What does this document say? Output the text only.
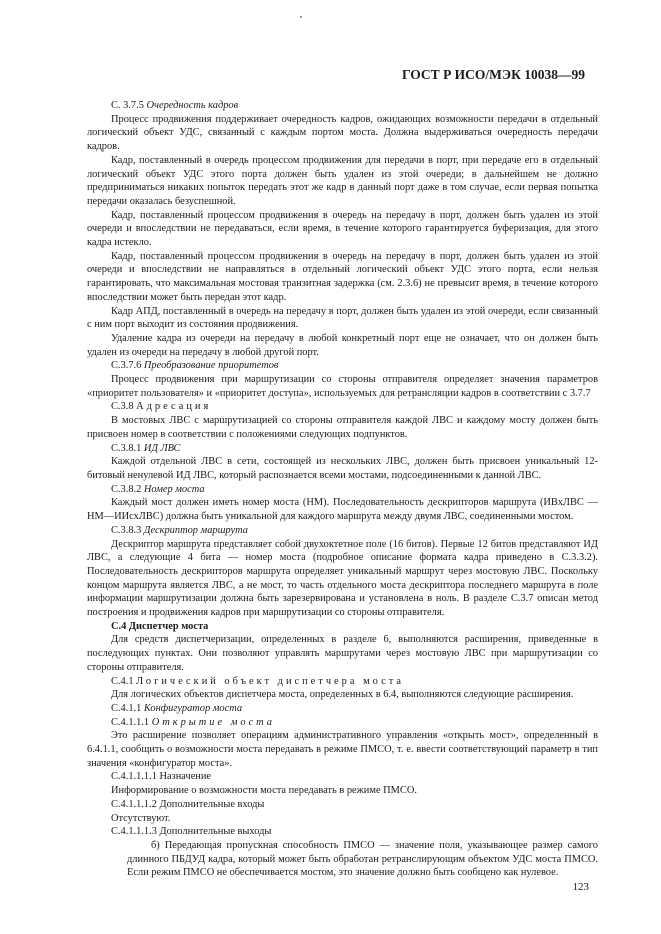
ГОСТ Р ИСО/МЭК 10038—99

С. 3.7.5 Очередность кадров

Процесс продвижения поддерживает очередность кадров, ожидающих возможности передачи в отдельный логический объект УДС, связанный с каждым портом моста. Должна выдерживаться очередность передачи кадров.

Кадр, поставленный в очередь процессом продвижения для передачи в порт, при передаче его в отдельный логический объект УДС этого порта должен быть удален из этой очереди; в дальнейшем не должно предприниматься никаких попыток передать этот же кадр в данный порт даже в том случае, если первая попытка передачи оказалась безуспешной.

Кадр, поставленный процессом продвижения в очередь на передачу в порт, должен быть удален из этой очереди и впоследствии не передаваться, если время, в течение которого гарантируется буферизация, для этого кадра истекло.

Кадр, поставленный процессом продвижения в очередь на передачу в порт, должен быть удален из этой очереди и впоследствии не направляться в отдельный логический объект УДС этого порта, если нельзя гарантировать, что максимальная мостовая транзитная задержка (см. 2.3.6) не превысит время, в течение которого впоследствии может быть передан этот кадр.

Кадр АПД, поставленный в очередь на передачу в порт, должен быть удален из этой очереди, если связанный с ним порт выходит из состояния продвижения.

Удаление кадра из очереди на передачу в любой конкретный порт еще не означает, что он должен быть удален из очереди на передачу в любой другой порт.

С.3.7.6 Преобразование приоритетов

Процесс продвижения при маршрутизации со стороны отправителя определяет значения параметров «приоритет пользователя» и «приоритет доступа», используемых для ретрансляции кадров в соответствии с 3.7.7

С.3.8 Адресация

В мостовых ЛВС с маршрутизацией со стороны отправителя каждой ЛВС и каждому мосту должен быть присвоен номер в соответствии с положениями следующих подпунктов.

С.3.8.1 ИД ЛВС

Каждой отдельной ЛВС в сети, состоящей из нескольких ЛВС, должен быть присвоен уникальный 12-битовый ненулевой ИД ЛВС, который распознается всеми мостами, подсоединенными к данной ЛВС.

С.3.8.2 Номер моста

Каждый мост должен иметь номер моста (НМ). Последовательность дескрипторов маршрута (ИВхЛВС — НМ—ИИсхЛВС) должна быть уникальной для каждого маршрута между двумя ЛВС, соединенными мостом.

С.3.8.3 Дескриптор маршрута

Дескриптор маршрута представляет собой двухоктетное поле (16 битов). Первые 12 битов представляют ИД ЛВС, а следующие 4 бита — номер моста (подробное описание формата кадра приведено в С.3.3.2). Последовательность дескрипторов маршрута определяет уникальный маршрут через мостовую ЛВС. Поскольку концом маршрута является ЛВС, а не мост, то часть отдельного моста дескриптора последнего маршрута в поле информации маршрутизации должна быть зарезервирована и установлена в ноль. В разделе С.3.7 описан метод построения и продвижения кадров при маршрутизации со стороны отправителя.

С.4 Диспетчер моста

Для средств диспетчеризации, определенных в разделе 6, выполняются расширения, приведенные в последующих пунктах. Они позволяют управлять маршрутами через мостовую ЛВС при маршрутизации со стороны отправителя.

С.4.1 Логический объект диспетчера моста

Для логических объектов диспетчера моста, определенных в 6.4, выполняются следующие расширения.

С.4.1.1 Конфигуратор моста

С.4.1.1.1 Открытие моста

Это расширение позволяет операциям административного управления «открыть мост», определенный в 6.4.1.1, сообщить о возможности моста передавать в режиме ПМСО, т. е. ввести соответствующий параметр в тип значения «конфигуратор моста».

С.4.1.1.1.1 Назначение

Информирование о возможности моста передавать в режиме ПМСО.

С.4.1.1.1.2 Дополнительные входы

Отсутствуют.

С.4.1.1.1.3 Дополнительные выходы

б) Передающая пропускная способность ПМСО — значение поля, указывающее размер самого длинного ПБДУД кадра, который может быть обработан ретранслирующим объектом УДС моста ПМСО. Если режим ПМСО не обеспечивается мостом, это значение должно быть сообщено как нулевое.

123
